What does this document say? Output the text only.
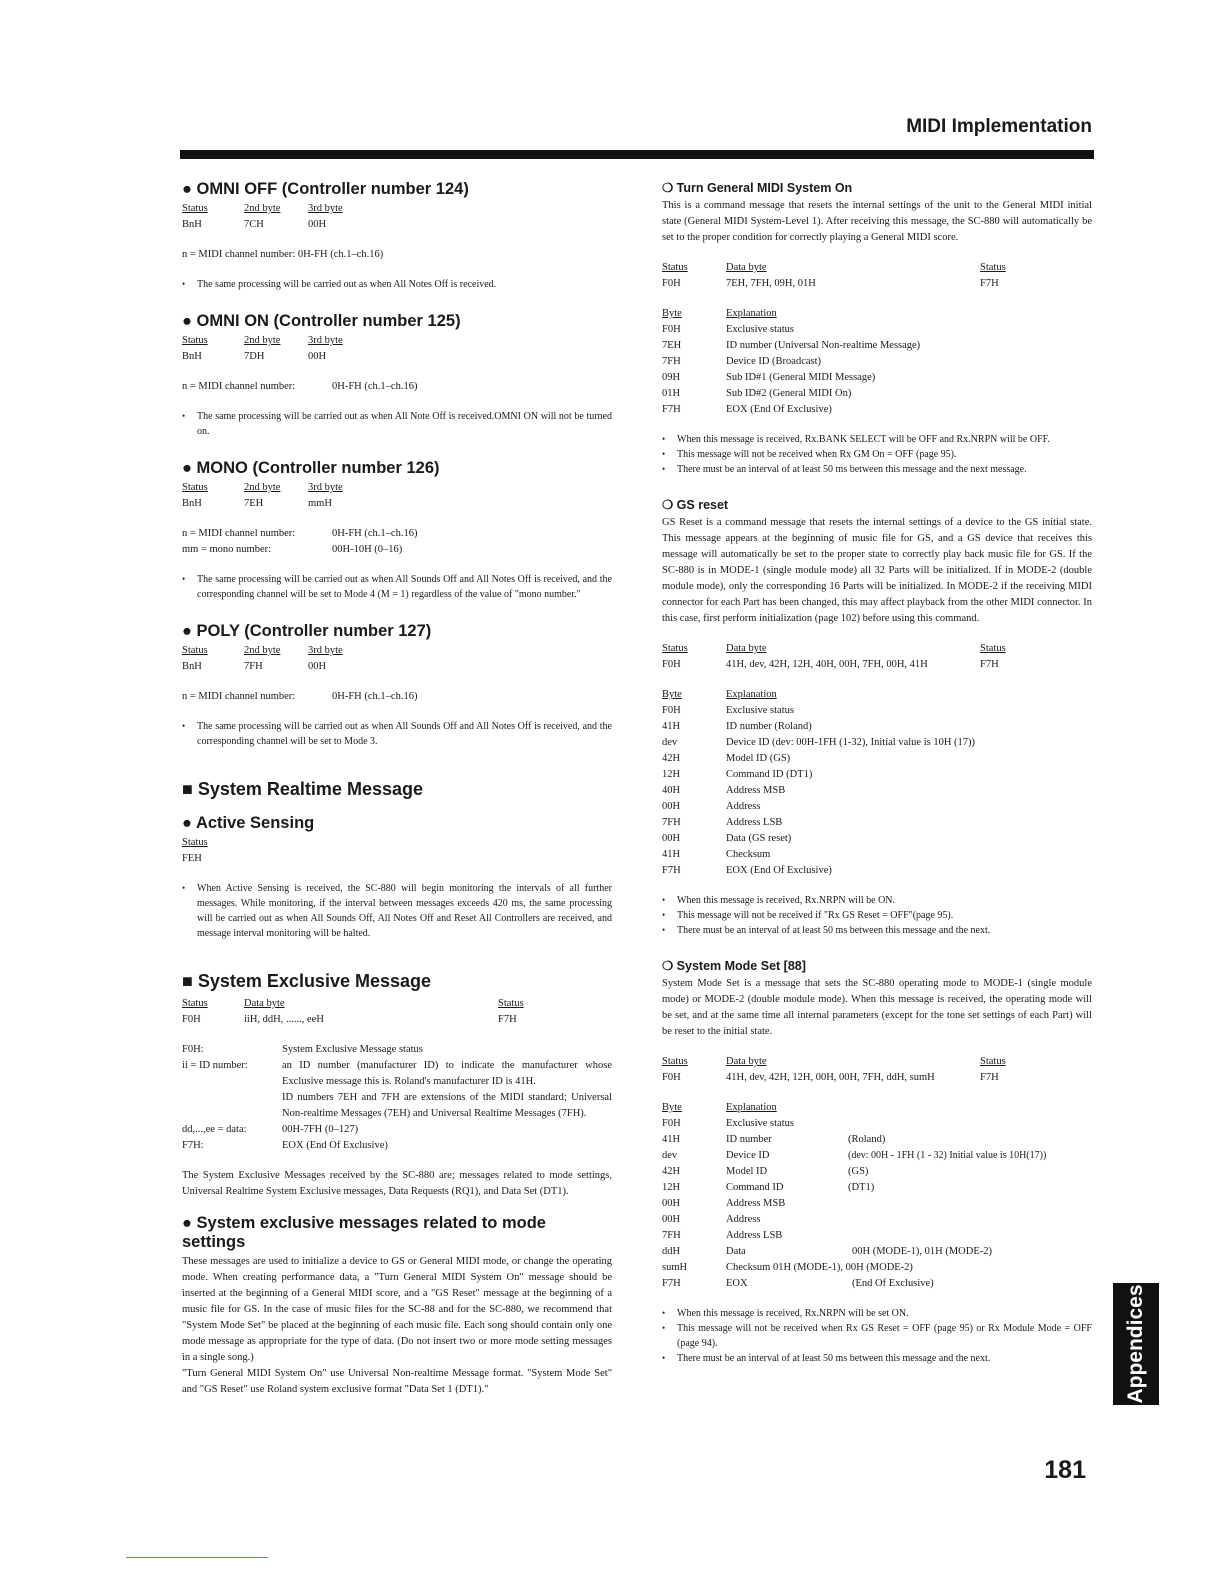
MIDI Implementation
● OMNI OFF (Controller number 124)
Status	2nd byte	3rd byte
BnH	7CH	00H
n = MIDI channel number: 0H-FH (ch.1–ch.16)
• The same processing will be carried out as when All Notes Off is received.
● OMNI ON (Controller number 125)
Status	2nd byte	3rd byte
BnH	7DH	00H
n = MIDI channel number:	0H-FH (ch.1–ch.16)
• The same processing will be carried out as when All Note Off is received.OMNI ON will not be turned on.
● MONO (Controller number 126)
Status	2nd byte	3rd byte
BnH	7EH	mmH
n = MIDI channel number:	0H-FH (ch.1–ch.16)
mm = mono number:	00H-10H (0–16)
• The same processing will be carried out as when All Sounds Off and All Notes Off is received, and the corresponding channel will be set to Mode 4 (M = 1) regardless of the value of "mono number."
● POLY (Controller number 127)
Status	2nd byte	3rd byte
BnH	7FH	00H
n = MIDI channel number:	0H-FH (ch.1–ch.16)
• The same processing will be carried out as when All Sounds Off and All Notes Off is received, and the corresponding channel will be set to Mode 3.
■ System Realtime Message
● Active Sensing
Status
FEH
• When Active Sensing is received, the SC-880 will begin monitoring the intervals of all further messages. While monitoring, if the interval between messages exceeds 420 ms, the same processing will be carried out as when All Sounds Off, All Notes Off and Reset All Controllers are received, and message interval monitoring will be halted.
■ System Exclusive Message
Status	Data byte	Status
F0H	iiH, ddH, ......, eeH	F7H
F0H:	System Exclusive Message status
ii = ID number:	an ID number (manufacturer ID) to indicate the manufacturer whose Exclusive message this is. Roland's manufacturer ID is 41H.
ID numbers 7EH and 7FH are extensions of the MIDI standard; Universal Non-realtime Messages (7EH) and Universal Realtime Messages (7FH).
dd,...,ee = data:	00H-7FH (0–127)
F7H:	EOX (End Of Exclusive)
The System Exclusive Messages received by the SC-880 are; messages related to mode settings, Universal Realtime System Exclusive messages, Data Requests (RQ1), and Data Set (DT1).
● System exclusive messages related to mode settings
These messages are used to initialize a device to GS or General MIDI mode, or change the operating mode. When creating performance data, a "Turn General MIDI System On" message should be inserted at the beginning of a General MIDI score, and a "GS Reset" message at the beginning of a music file for GS. In the case of music files for the SC-88 and for the SC-880, we recommend that "System Mode Set" be placed at the beginning of each music file. Each song should contain only one mode message as appropriate for the type of data. (Do not insert two or more mode setting messages in a single song.)
"Turn General MIDI System On" use Universal Non-realtime Message format. "System Mode Set" and "GS Reset" use Roland system exclusive format "Data Set 1 (DT1)."
❍ Turn General MIDI System On
This is a command message that resets the internal settings of the unit to the General MIDI initial state (General MIDI System-Level 1). After receiving this message, the SC-880 will automatically be set to the proper condition for correctly playing a General MIDI score.
Status	Data byte	Status
F0H	7EH, 7FH, 09H, 01H	F7H
Byte	Explanation
F0H	Exclusive status
7EH	ID number (Universal Non-realtime Message)
7FH	Device ID (Broadcast)
09H	Sub ID#1 (General MIDI Message)
01H	Sub ID#2 (General MIDI On)
F7H	EOX (End Of Exclusive)
• When this message is received, Rx.BANK SELECT will be OFF and Rx.NRPN will be OFF.
• This message will not be received when Rx GM On = OFF (page 95).
• There must be an interval of at least 50 ms between this message and the next message.
❍ GS reset
GS Reset is a command message that resets the internal settings of a device to the GS initial state. This message appears at the beginning of music file for GS, and a GS device that receives this message will automatically be set to the proper state to correctly play back music file for GS. If the SC-880 is in MODE-1 (single module mode) all 32 Parts will be initialized. If in MODE-2 (double module mode), only the corresponding 16 Parts will be initialized. In MODE-2 if the receiving MIDI connector for each Part has been changed, this may affect playback from the other MIDI connector. In this case, first perform initialization (page 102) before using this command.
Status	Data byte	Status
F0H	41H, dev, 42H, 12H, 40H, 00H, 7FH, 00H, 41H	F7H
Byte	Explanation
F0H	Exclusive status
41H	ID number (Roland)
dev	Device ID (dev: 00H-1FH (1-32), Initial value is 10H (17))
42H	Model ID (GS)
12H	Command ID (DT1)
40H	Address MSB
00H	Address
7FH	Address LSB
00H	Data (GS reset)
41H	Checksum
F7H	EOX (End Of Exclusive)
• When this message is received, Rx.NRPN will be ON.
• This message will not be received if "Rx GS Reset = OFF"(page 95).
• There must be an interval of at least 50 ms between this message and the next.
❍ System Mode Set [88]
System Mode Set is a message that sets the SC-880 operating mode to MODE-1 (single module mode) or MODE-2 (double module mode). When this message is received, the operating mode will be set, and at the same time all internal parameters (except for the tone set settings of each Part) will be reset to the initial state.
Status	Data byte	Status
F0H	41H, dev, 42H, 12H, 00H, 00H, 7FH, ddH, sumH	F7H
Byte	Explanation
F0H	Exclusive status
41H	ID number	(Roland)
dev	Device ID	(dev: 00H - 1FH (1 - 32) Initial value is 10H(17))
42H	Model ID	(GS)
12H	Command ID	(DT1)
00H	Address MSB
00H	Address
7FH	Address LSB
ddH	Data	00H (MODE-1), 01H (MODE-2)
sumH	Checksum 01H (MODE-1), 00H (MODE-2)
F7H	EOX	(End Of Exclusive)
• When this message is received, Rx.NRPN will be set ON.
• This message will not be received when Rx GS Reset = OFF (page 95) or Rx Module Mode = OFF (page 94).
• There must be an interval of at least 50 ms between this message and the next.	Appendices
181
